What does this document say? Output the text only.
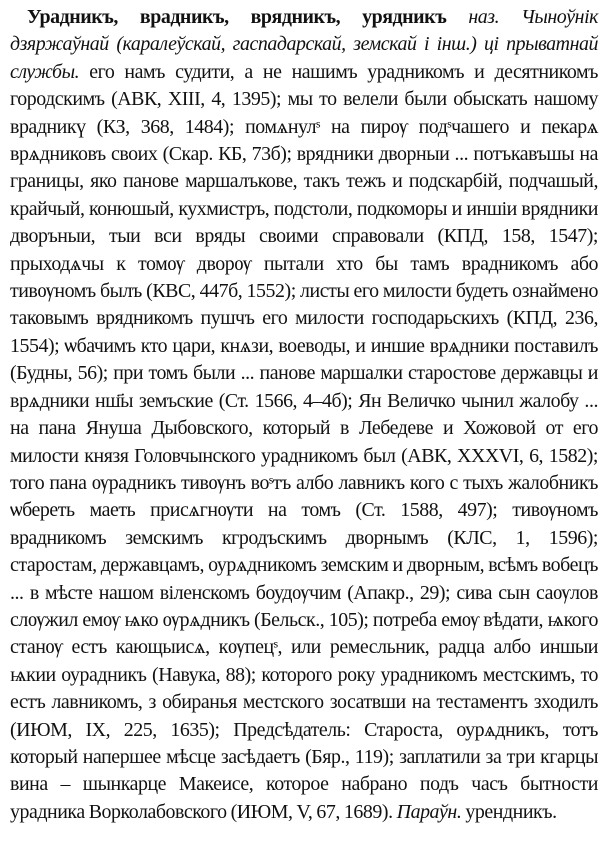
Урадникъ, врадникъ, врядникъ, урядникъ наз. Чыноўнік дзяржаўнай (каралеўскай, гаспадарскай, земскай і інш.) ці прыватнай службы. его намъ судити, а не нашимъ урадникомъ и десятникомъ городскимъ (АВК, XIII, 4, 1395); мы то велели были обыскать нашому врадникү (КЗ, 368, 1484); помѧнулˢ на пирѹ подˢчашего и пекарѧ врѧдниковъ своих (Скар. КБ, 73б); врядники дворныи ... потъкавъшы на границы, яко панове маршалъкове, такъ тежъ и подскарбій, подчашый, крайчый, конюшый, кухмистръ, подстоли, подкоморы и иншіи врядники дворъныи, тыи вси вряды своими справовали (КПД, 158, 1547); прыходѧчы к томѹ дворѹ пытали хто бы тамъ врадникомъ або тивѹномъ былъ (КВС, 447б, 1552); листы его милости будеть ознаймено таковымъ врядникомъ пушчъ его милости господарьскихъ (КПД, 236, 1554); ѡбачимъ кто цари, кнѧзи, воеводы, и иншие врѧдники поставилъ (Будны, 56); при томъ были ... панове маршалки старостове державцы и врѧдники нш҃ы земъские (Ст. 1566, 4–4б); Ян Величко чынил жалобу ... на пана Януша Дыбовского, который в Лебедеве и Хожовой от его милости князя Головчынского урадникомъ был (АВК, XXXVI, 6, 1582); того пана ѹрадникъ тивѹнъ воˢтъ албо лавникъ кого с тыхъ жалобникъ ѡбереть маеть присѧгнѹти на томъ (Ст. 1588, 497); тивѹномъ врадникомъ земскимъ кгродъскимъ дворнымъ (КЛС, 1, 1596); старостам, державцамъ, оурѧдникомъ земским и дворным, всѣмъ вобецъ ... в мѣсте нашом віленскомъ боудѹчим (Апакр., 29); сива сын саѹлов слѹжил емѹ ѩко ѹрѧдникъ (Бельск., 105); потреба емѹ вѣдати, ѩкого станѹ естъ кающыисѧ, кѹпецˢ, или ремесльник, радца албо иншыи ѩкии оурадникъ (Навука, 88); которого року урадникомъ местскимъ, то естъ лавникомъ, з обиранья местского зосатвши на тестаментъ зходилъ (ИЮМ, IX, 225, 1635); Предсѣдатель: Староста, оурѧдникъ, тотъ который напершее мѣсце засѣдаетъ (Бяр., 119); заплатили за три кгарцы вина – шынкарце Макеисе, которое набрано подъ часъ бытности урадника Ворколабовского (ИЮМ, V, 67, 1689). Параўн. урендникъ.
